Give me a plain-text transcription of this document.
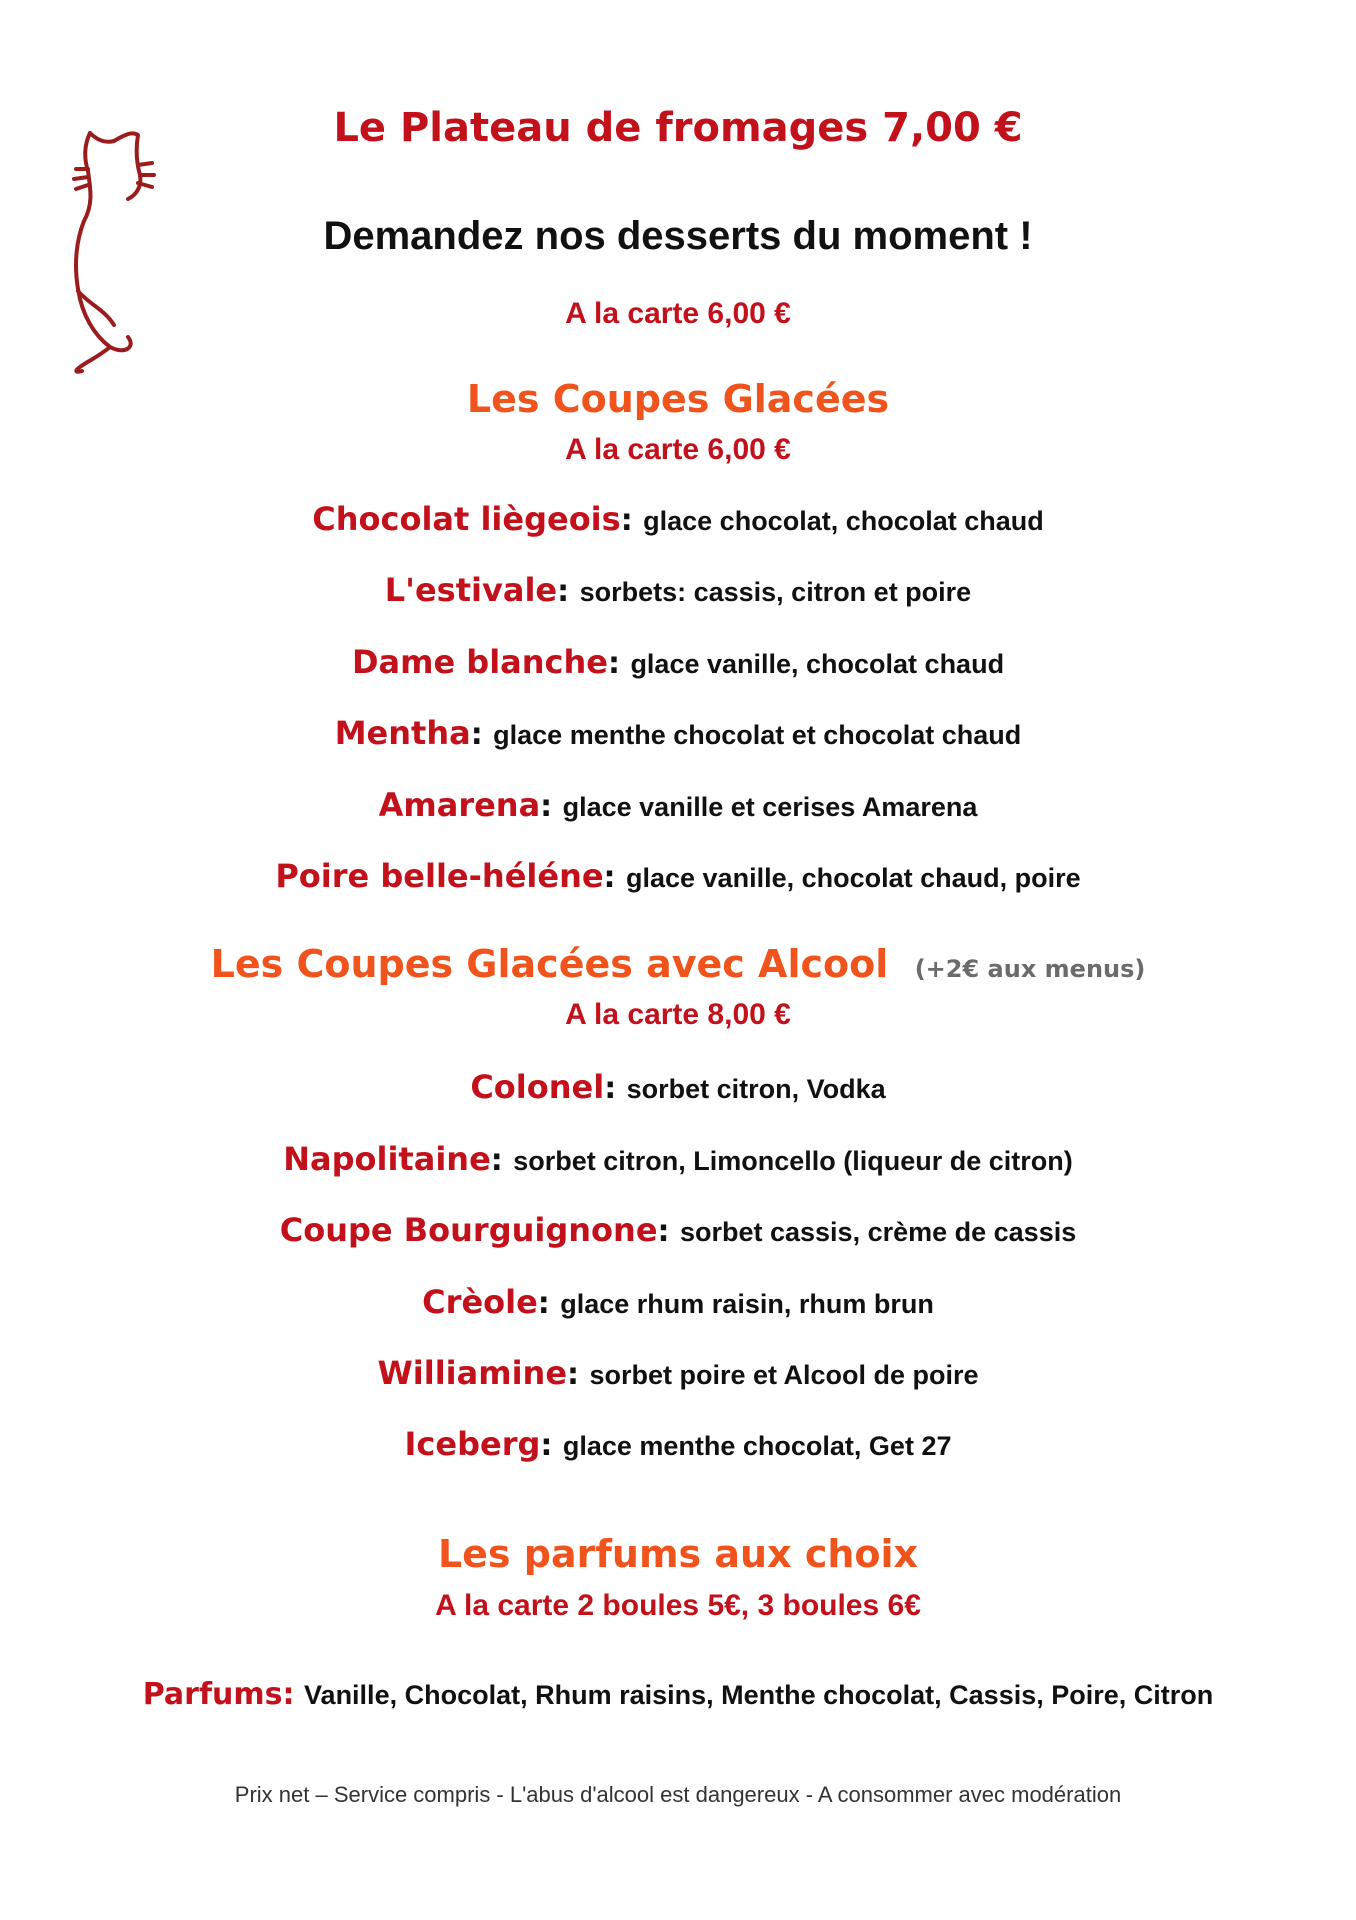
Le Plateau de fromages 7,00 €
Demandez nos desserts du moment !
A la carte 6,00 €
Les Coupes Glacées
A la carte 6,00 €
Chocolat liègeois: glace chocolat, chocolat chaud
L'estivale: sorbets: cassis, citron et poire
Dame blanche: glace vanille, chocolat chaud
Mentha: glace menthe chocolat et chocolat chaud
Amarena: glace vanille et cerises Amarena
Poire belle-héléne: glace vanille, chocolat chaud, poire
Les Coupes Glacées avec Alcool (+2€ aux menus)
A la carte 8,00 €
Colonel: sorbet citron, Vodka
Napolitaine: sorbet citron, Limoncello (liqueur de citron)
Coupe Bourguignone: sorbet cassis, crème de cassis
Crèole: glace rhum raisin, rhum brun
Williamine: sorbet poire et Alcool de poire
Iceberg: glace menthe chocolat, Get 27
Les parfums aux choix
A la carte 2 boules 5€, 3 boules 6€
Parfums: Vanille, Chocolat, Rhum raisins, Menthe chocolat, Cassis, Poire, Citron
Prix net – Service compris - L'abus d'alcool est dangereux - A consommer avec modération
